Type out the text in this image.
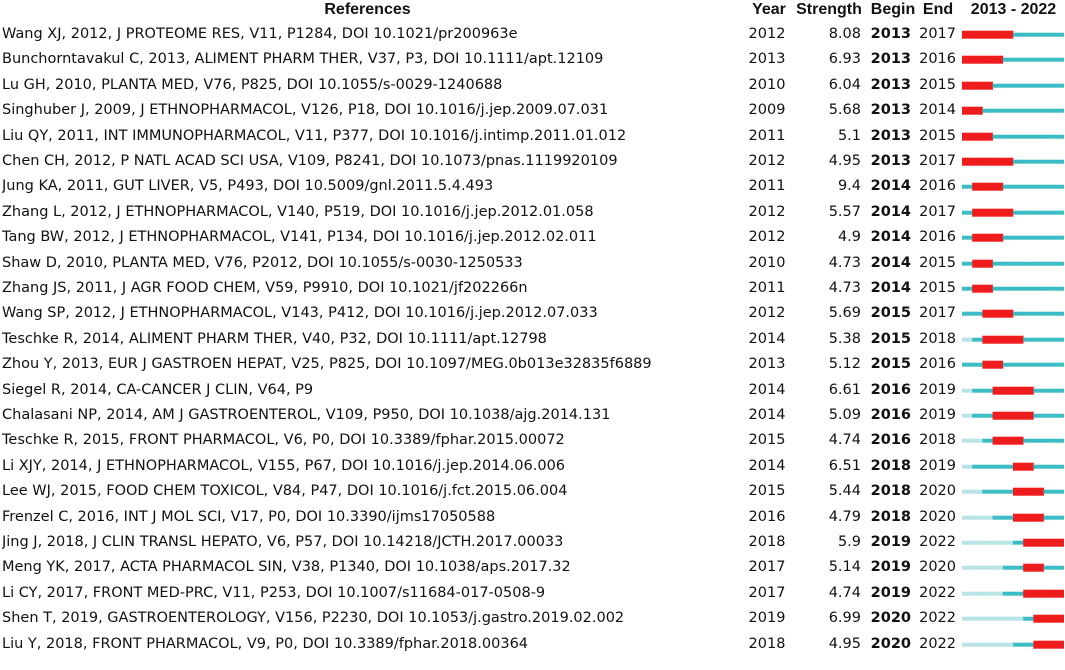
References	Year Strength Begin End	2013 - 2022
Wang XJ, 2012, J PROTEOME RES, V11, P1284, DOI 10.1021/pr200963e	2012	8.08 2013 2017
Bunchorntavakul C, 2013, ALIMENT PHARM THER, V37, P3, DOI 10.1111/apt.12109	2013	6.93 2013 2016
Lu GH, 2010, PLANTA MED, V76, P825, DOI 10.1055/s-0029-1240688	2010	6.04 2013 2015
Singhuber J, 2009, J ETHNOPHARMACOL, V126, P18, DOI 10.1016/j.jep.2009.07.031	2009	5.68 2013 2014
Liu QY, 2011, INT IMMUNOPHARMACOL, V11, P377, DOI 10.1016/j.intimp.2011.01.012	2011	5.1 2013 2015
Chen CH, 2012, P NATL ACAD SCI USA, V109, P8241, DOI 10.1073/pnas.1119920109	2012	4.95 2013 2017
Jung KA, 2011, GUT LIVER, V5, P493, DOI 10.5009/gnl.2011.5.4.493	2011	9.4 2014 2016
Zhang L, 2012, J ETHNOPHARMACOL, V140, P519, DOI 10.1016/j.jep.2012.01.058	2012	5.57 2014 2017
Tang BW, 2012, J ETHNOPHARMACOL, V141, P134, DOI 10.1016/j.jep.2012.02.011	2012	4.9 2014 2016
Shaw D, 2010, PLANTA MED, V76, P2012, DOI 10.1055/s-0030-1250533	2010	4.73 2014 2015
Zhang JS, 2011, J AGR FOOD CHEM, V59, P9910, DOI 10.1021/jf202266n	2011	4.73 2014 2015
Wang SP, 2012, J ETHNOPHARMACOL, V143, P412, DOI 10.1016/j.jep.2012.07.033	2012	5.69 2015 2017
Teschke R, 2014, ALIMENT PHARM THER, V40, P32, DOI 10.1111/apt.12798	2014	5.38 2015 2018
Zhou Y, 2013, EUR J GASTROEN HEPAT, V25, P825, DOI 10.1097/MEG.0b013e32835f6889	2013	5.12 2015 2016
Siegel R, 2014, CA-CANCER J CLIN, V64, P9	2014	6.61 2016 2019
Chalasani NP, 2014, AM J GASTROENTEROL, V109, P950, DOI 10.1038/ajg.2014.131	2014	5.09 2016 2019
Teschke R, 2015, FRONT PHARMACOL, V6, P0, DOI 10.3389/fphar.2015.00072	2015	4.74 2016 2018
Li XJY, 2014, J ETHNOPHARMACOL, V155, P67, DOI 10.1016/j.jep.2014.06.006	2014	6.51 2018 2019
Lee WJ, 2015, FOOD CHEM TOXICOL, V84, P47, DOI 10.1016/j.fct.2015.06.004	2015	5.44 2018 2020
Frenzel C, 2016, INT J MOL SCI, V17, P0, DOI 10.3390/ijms17050588	2016	4.79 2018 2020
Jing J, 2018, J CLIN TRANSL HEPATO, V6, P57, DOI 10.14218/JCTH.2017.00033	2018	5.9 2019 2022
Meng YK, 2017, ACTA PHARMACOL SIN, V38, P1340, DOI 10.1038/aps.2017.32	2017	5.14 2019 2020
Li CY, 2017, FRONT MED-PRC, V11, P253, DOI 10.1007/s11684-017-0508-9	2017	4.74 2019 2022
Shen T, 2019, GASTROENTEROLOGY, V156, P2230, DOI 10.1053/j.gastro.2019.02.002	2019	6.99 2020 2022
Liu Y, 2018, FRONT PHARMACOL, V9, P0, DOI 10.3389/fphar.2018.00364	2018	4.95 2020 2022
